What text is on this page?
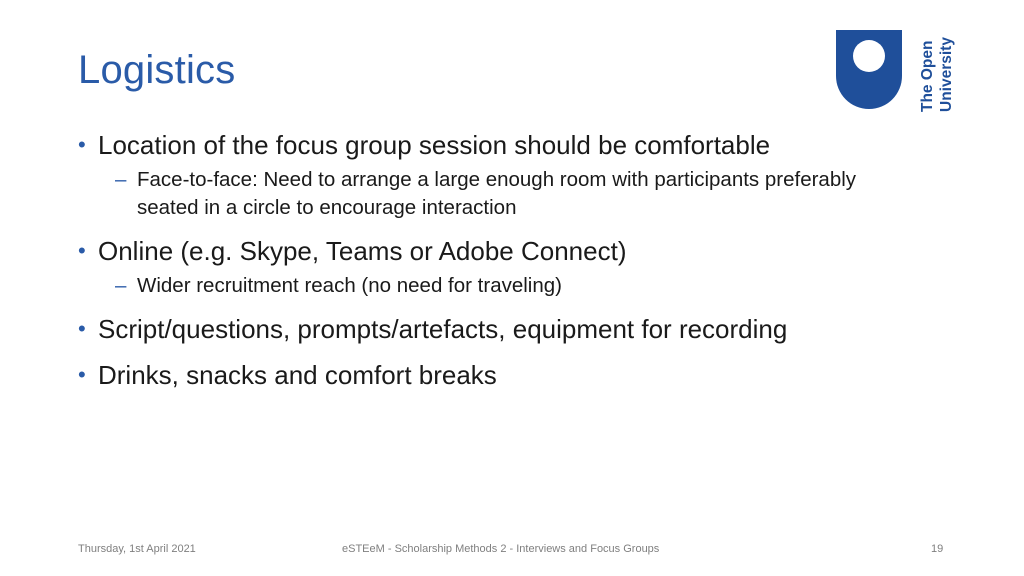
Logistics	The Open University
• Location of the focus group session should be comfortable
– Face-to-face: Need to arrange a large enough room with participants preferably seated in a circle to encourage interaction
• Online (e.g. Skype, Teams or Adobe Connect)
– Wider recruitment reach (no need for traveling)
• Script/questions, prompts/artefacts, equipment for recording
• Drinks, snacks and comfort breaks
Thursday, 1st April 2021	eSTEeM - Scholarship Methods 2 - Interviews and Focus Groups	19
